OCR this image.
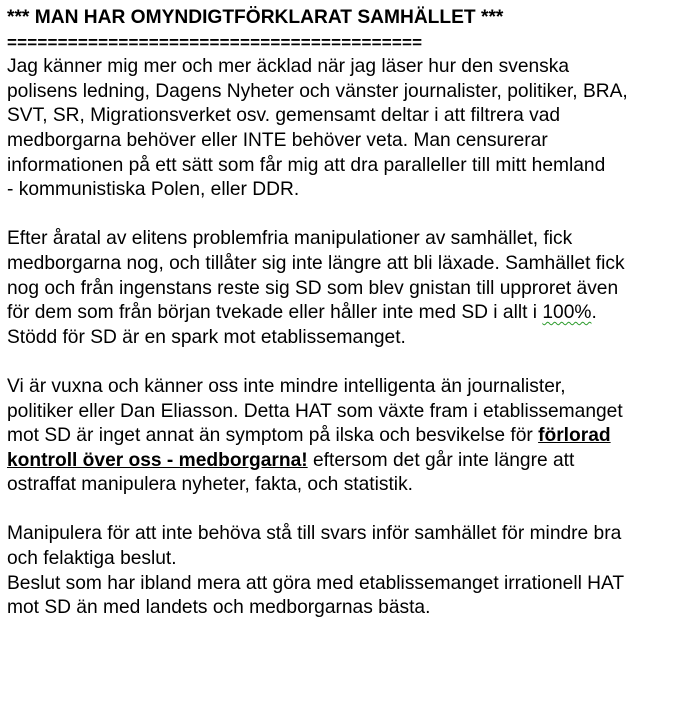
*** MAN HAR OMYNDIGTFÖRKLARAT SAMHÄLLET ***
=========================================
Jag känner mig mer och mer äcklad när jag läser hur den svenska
polisens ledning, Dagens Nyheter och vänster journalister, politiker, BRA,
SVT, SR, Migrationsverket osv. gemensamt deltar i att filtrera vad
medborgarna behöver eller INTE behöver veta. Man censurerar
informationen på ett sätt som får mig att dra paralleller till mitt hemland
- kommunistiska Polen, eller DDR.
Efter åratal av elitens problemfria manipulationer av samhället, fick
medborgarna nog, och tillåter sig inte längre att bli läxade. Samhället fick
nog och från ingenstans reste sig SD som blev gnistan till upproret även
för dem som från början tvekade eller håller inte med SD i allt i 100%.
Stödd för SD är en spark mot etablissemanget.
Vi är vuxna och känner oss inte mindre intelligenta än journalister,
politiker eller Dan Eliasson. Detta HAT som växte fram i etablissemanget
mot SD är inget annat än symptom på ilska och besvikelse för förlorad
kontroll över oss - medborgarna! eftersom det går inte längre att
ostraffat manipulera nyheter, fakta, och statistik.
Manipulera för att inte behöva stå till svars inför samhället för mindre bra
och felaktiga beslut.
Beslut som har ibland mera att göra med etablissemanget irrationell HAT
mot SD än med landets och medborgarnas bästa.
